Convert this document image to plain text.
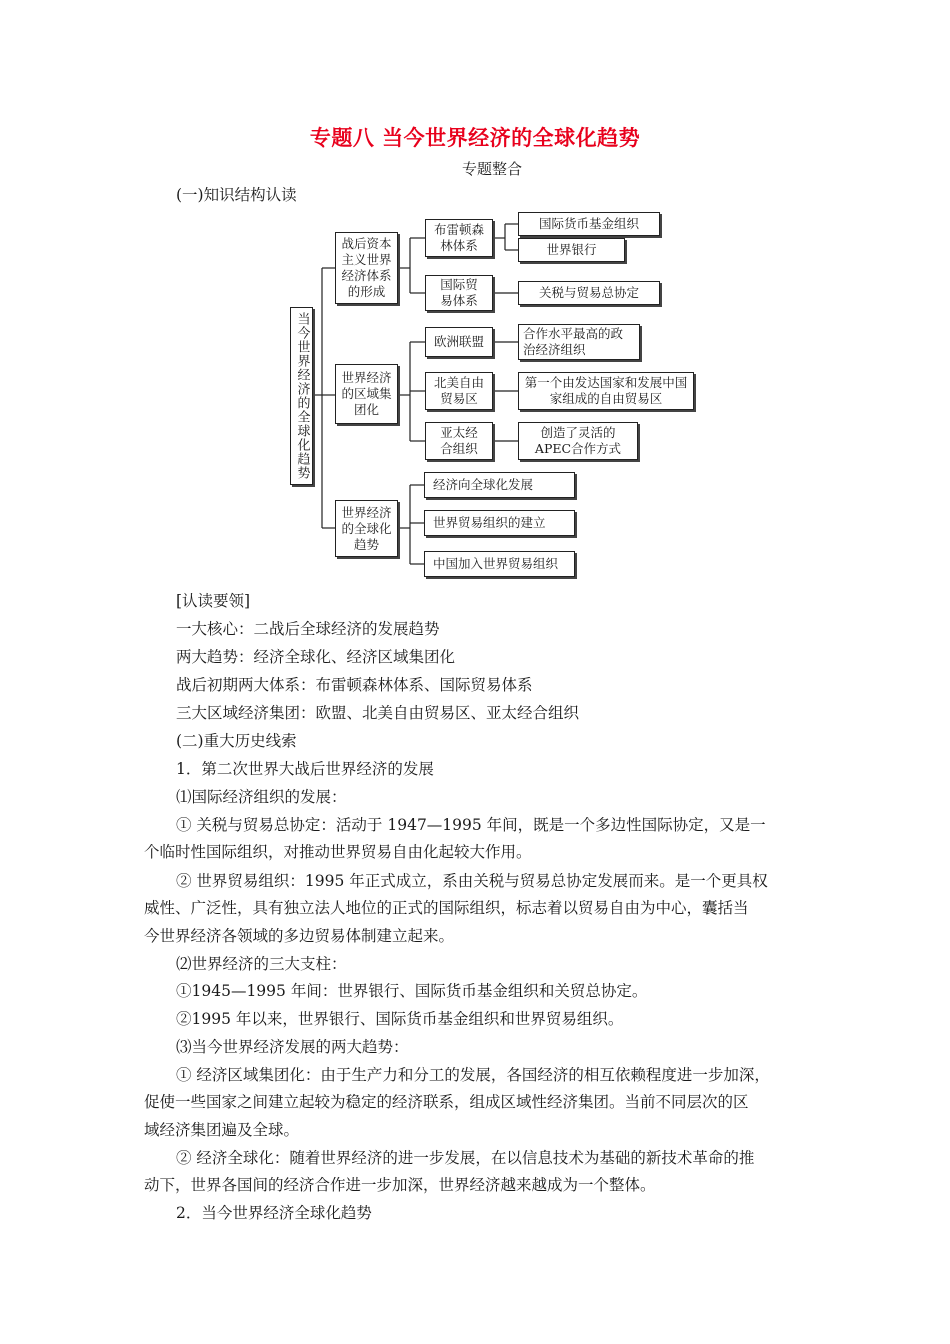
专题八 当今世界经济的全球化趋势
专题整合
(一)知识结构认读
当今世界经济的全球化趋势
战后资本主义世界经济体系的形成
布雷顿森林体系
国际货币基金组织
世界银行
国际贸易体系
关税与贸易总协定
世界经济的区域集团化
欧洲联盟
合作水平最高的政治经济组织
北美自由贸易区
第一个由发达国家和发展中国家组成的自由贸易区
亚太经合组织
创造了灵活的APEC合作方式
世界经济的全球化趋势
经济向全球化发展
世界贸易组织的建立
中国加入世界贸易组织
[认读要领]
一大核心：二战后全球经济的发展趋势
两大趋势：经济全球化、经济区域集团化
战后初期两大体系：布雷顿森林体系、国际贸易体系
三大区域经济集团：欧盟、北美自由贸易区、亚太经合组织
(二)重大历史线索
1．第二次世界大战后世界经济的发展
⑴国际经济组织的发展：
① 关税与贸易总协定：活动于 1947—1995 年间，既是一个多边性国际协定，又是一
个临时性国际组织，对推动世界贸易自由化起较大作用。
② 世界贸易组织：1995 年正式成立，系由关税与贸易总协定发展而来。是一个更具权
威性、广泛性，具有独立法人地位的正式的国际组织，标志着以贸易自由为中心，囊括当
今世界经济各领域的多边贸易体制建立起来。
⑵世界经济的三大支柱：
①1945—1995 年间：世界银行、国际货币基金组织和关贸总协定。
②1995 年以来，世界银行、国际货币基金组织和世界贸易组织。
⑶当今世界经济发展的两大趋势：
① 经济区域集团化：由于生产力和分工的发展，各国经济的相互依赖程度进一步加深，
促使一些国家之间建立起较为稳定的经济联系，组成区域性经济集团。当前不同层次的区
域经济集团遍及全球。
② 经济全球化：随着世界经济的进一步发展，在以信息技术为基础的新技术革命的推
动下，世界各国间的经济合作进一步加深，世界经济越来越成为一个整体。
2．当今世界经济全球化趋势
